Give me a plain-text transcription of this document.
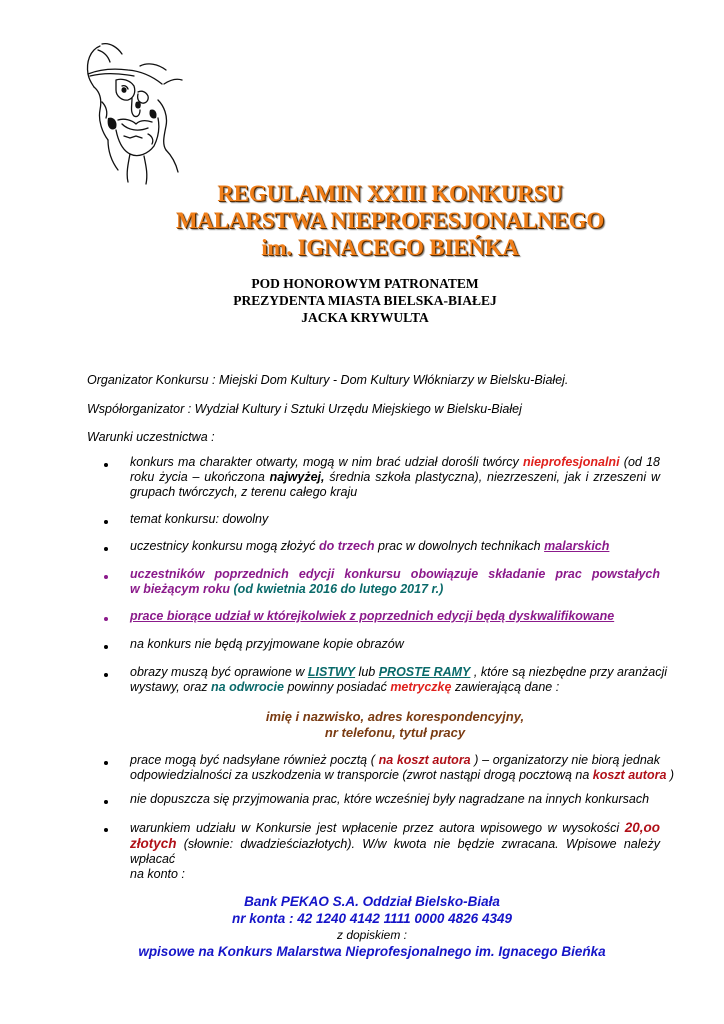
REGULAMIN XXIII KONKURSU
MALARSTWA NIEPROFESJONALNEGO
im. IGNACEGO BIEŃKA
POD HONOROWYM PATRONATEM
PREZYDENTA MIASTA BIELSKA-BIAŁEJ
JACKA KRYWULTA
Organizator Konkursu : Miejski Dom Kultury - Dom Kultury Włókniarzy w Bielsku-Białej.
Współorganizator : Wydział Kultury i Sztuki Urzędu Miejskiego w Bielsku-Białej
Warunki uczestnictwa :
konkurs ma charakter otwarty, mogą w nim brać udział dorośli twórcy nieprofesjonalni (od 18
roku życia – ukończona najwyżej, średnia szkoła plastyczna), niezrzeszeni, jak i zrzeszeni w
grupach twórczych, z terenu całego kraju
temat konkursu: dowolny
uczestnicy konkursu mogą złożyć do trzech prac w dowolnych technikach malarskich
uczestników poprzednich edycji konkursu obowiązuje składanie prac powstałych
w bieżącym roku (od kwietnia 2016 do lutego 2017 r.)
prace biorące udział w którejkolwiek z poprzednich edycji będą dyskwalifikowane
na konkurs nie będą przyjmowane kopie obrazów
obrazy muszą być oprawione w LISTWY lub PROSTE RAMY , które są niezbędne przy aranżacji
wystawy, oraz na odwrocie powinny posiadać metryczkę zawierającą dane :
imię i nazwisko, adres korespondencyjny,
nr telefonu, tytuł pracy
prace mogą być nadsyłane również pocztą ( na koszt autora ) – organizatorzy nie biorą jednak
odpowiedzialności za uszkodzenia w transporcie (zwrot nastąpi drogą pocztową na koszt autora )
nie dopuszcza się przyjmowania prac, które wcześniej były nagradzane na innych konkursach
warunkiem udziału w Konkursie jest wpłacenie przez autora wpisowego w wysokości 20,oo
złotych (słownie: dwadzieściazłotych). W/w kwota nie będzie zwracana. Wpisowe należy wpłacać
na konto :
Bank PEKAO S.A. Oddział Bielsko-Biała
nr konta : 42 1240 4142 1111 0000 4826 4349
z dopiskiem :
wpisowe na Konkurs Malarstwa Nieprofesjonalnego im. Ignacego Bieńka
